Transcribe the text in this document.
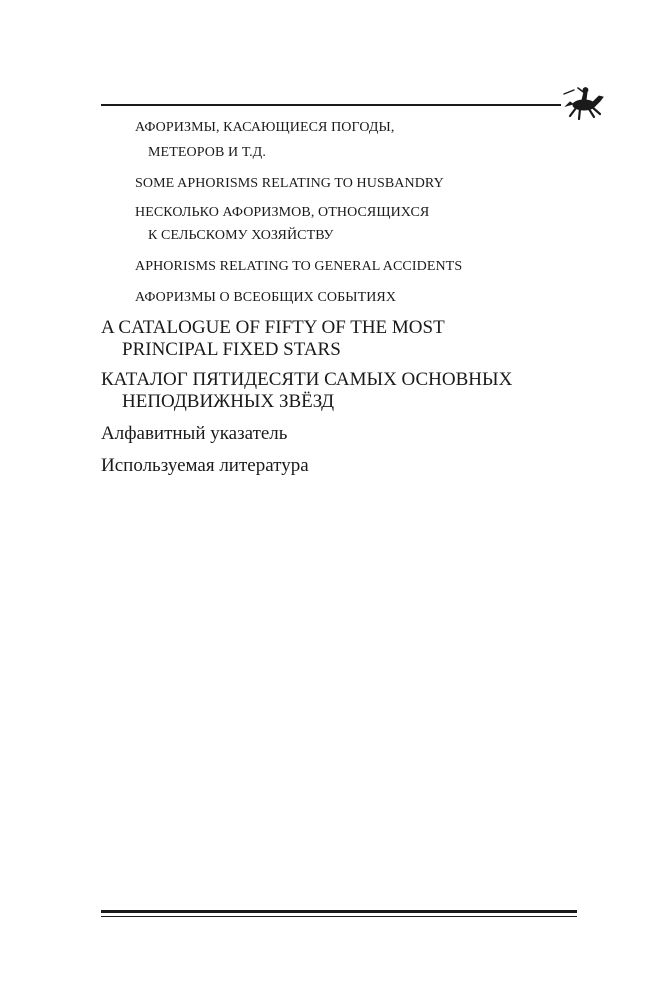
АФОРИЗМЫ, КАСАЮЩИЕСЯ ПОГОДЫ,
МЕТЕОРОВ И Т.Д.
SOME APHORISMS RELATING TO HUSBANDRY
НЕСКОЛЬКО АФОРИЗМОВ, ОТНОСЯЩИХСЯ
К СЕЛЬСКОМУ ХОЗЯЙСТВУ
APHORISMS RELATING TO GENERAL ACCIDENTS
АФОРИЗМЫ О ВСЕОБЩИХ СОБЫТИЯХ
A CATALOGUE OF FIFTY OF THE MOST
PRINCIPAL FIXED STARS
КАТАЛОГ ПЯТИДЕСЯТИ САМЫХ ОСНОВНЫХ
НЕПОДВИЖНЫХ ЗВЁЗД
Алфавитный указатель
Используемая литература
